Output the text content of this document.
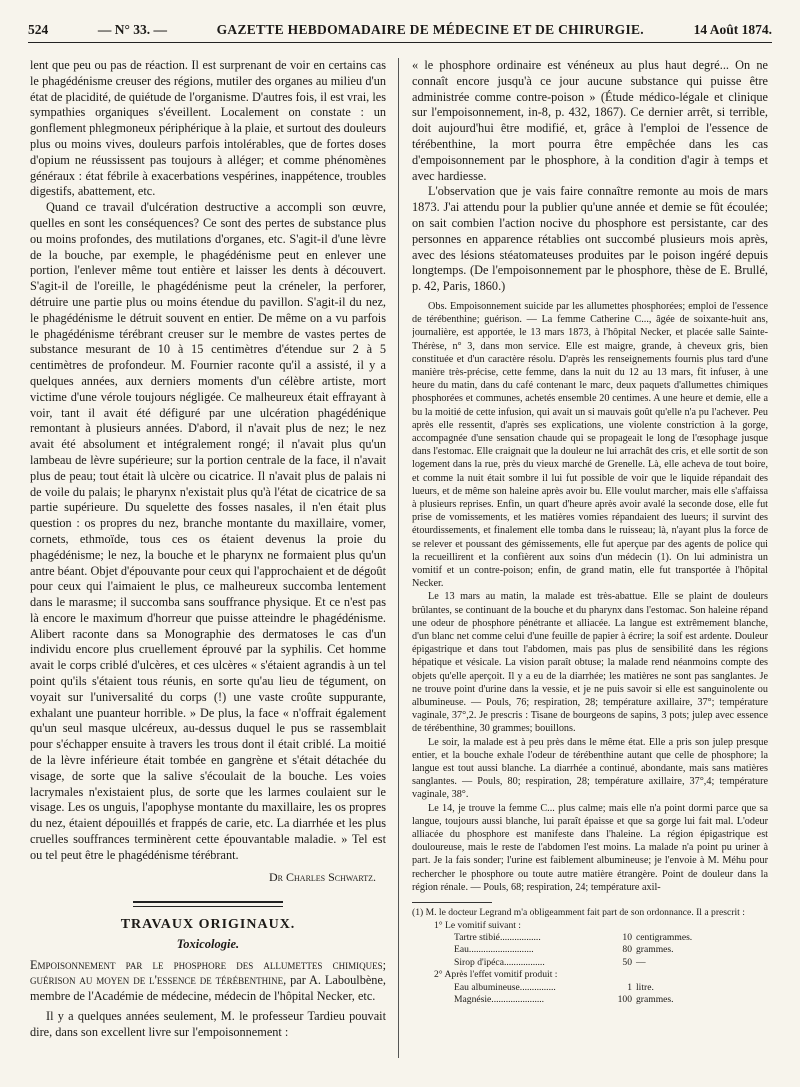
524	— N° 33. —	GAZETTE HEBDOMADAIRE DE MÉDECINE ET DE CHIRURGIE.	14 Août 1874.

lent que peu ou pas de réaction. Il est surprenant de voir en certains cas le phagédénisme creuser des régions, mutiler des organes au milieu d'un état de placidité, de quiétude de l'organisme. D'autres fois, il est vrai, les sympathies organiques s'éveillent. Localement on constate : un gonflement phlegmoneux périphérique à la plaie, et surtout des douleurs plus ou moins vives, douleurs parfois intolérables, que de fortes doses d'opium ne réussissent pas toujours à alléger; et comme phénomènes généraux : état fébrile à exacerbations vespérines, inappétence, troubles digestifs, abattement, etc.

Quand ce travail d'ulcération destructive a accompli son œuvre, quelles en sont les conséquences? Ce sont des pertes de substance plus ou moins profondes, des mutilations d'organes, etc. S'agit-il d'une lèvre de la bouche, par exemple, le phagédénisme peut en enlever une portion, l'enlever même tout entière et laisser les dents à découvert. S'agit-il de l'oreille, le phagédénisme peut la créneler, la perforer, détruire une partie plus ou moins étendue du pavillon. S'agit-il du nez, le phagédénisme le détruit souvent en entier. De même on a vu parfois le phagédénisme térébrant creuser sur le membre de vastes pertes de substance mesurant de 10 à 15 centimètres d'étendue sur 2 à 5 centimètres de profondeur. M. Fournier raconte qu'il a assisté, il y a quelques années, aux derniers moments d'un célèbre artiste, mort victime d'une vérole toujours négligée. Ce malheureux était effrayant à voir, tant il avait été défiguré par une ulcération phagédénique remontant à plusieurs années. D'abord, il n'avait plus de nez; le nez avait été absolument et intégralement rongé; il n'avait plus qu'un lambeau de lèvre supérieure; sur la portion centrale de la face, il n'avait plus de peau; tout était là ulcère ou cicatrice. Il n'avait plus de palais ni de voile du palais; le pharynx n'existait plus qu'à l'état de cicatrice de sa partie supérieure. Du squelette des fosses nasales, il n'en était plus question : os propres du nez, branche montante du maxillaire, vomer, cornets, ethmoïde, tous ces os étaient devenus la proie du phagédénisme; le nez, la bouche et le pharynx ne formaient plus qu'un antre béant. Objet d'épouvante pour ceux qui l'approchaient et de dégoût pour ceux qui l'aimaient le plus, ce malheureux succomba lentement dans le marasme; il succomba sans souffrance physique. Et ce n'est pas là encore le maximum d'horreur que puisse atteindre le phagédénisme. Alibert raconte dans sa Monographie des dermatoses le cas d'un individu encore plus cruellement éprouvé par la syphilis. Cet homme avait le corps criblé d'ulcères, et ces ulcères « s'étaient agrandis à un tel point qu'ils s'étaient tous réunis, en sorte qu'au lieu de tégument, on voyait sur l'universalité du corps (!) une vaste croûte suppurante, exhalant une puanteur horrible. » De plus, la face « n'offrait également qu'un seul masque ulcéreux, au-dessus duquel le pus se rassemblait pour s'échapper ensuite à travers les trous dont il était criblé. La moitié de la lèvre inférieure était tombée en gangrène et s'était détachée du visage, de sorte que la salive s'écoulait de la bouche. Les voies lacrymales n'existaient plus, de sorte que les larmes coulaient sur le visage. Les os unguis, l'apophyse montante du maxillaire, les os propres du nez, étaient dépouillés et frappés de carie, etc. La diarrhée et les plus cruelles souffrances terminèrent cette épouvantable maladie. » Tel est ou tel peut être le phagédénisme térébrant.

Dr Charles Schwartz.
TRAVAUX ORIGINAUX.
Toxicologie.

Empoisonnement par le phosphore des allumettes chimiques; guérison au moyen de l'essence de térébenthine, par A. Laboulbène, membre de l'Académie de médecine, médecin de l'hôpital Necker, etc.

Il y a quelques années seulement, M. le professeur Tardieu pouvait dire, dans son excellent livre sur l'empoisonnement :

« le phosphore ordinaire est vénéneux au plus haut degré... On ne connaît encore jusqu'à ce jour aucune substance qui puisse être administrée comme contre-poison » (Étude médico-légale et clinique sur l'empoisonnement, in-8, p. 432, 1867). Ce dernier arrêt, si terrible, doit aujourd'hui être modifié, et, grâce à l'emploi de l'essence de térébenthine, la mort pourra être empêchée dans les cas d'empoisonnement par le phosphore, à la condition d'agir à temps et avec hardiesse.

L'observation que je vais faire connaître remonte au mois de mars 1873. J'ai attendu pour la publier qu'une année et demie se fût écoulée; on sait combien l'action nocive du phosphore est persistante, car des personnes en apparence rétablies ont succombé plusieurs mois après, avec des lésions stéatomateuses produites par le poison ingéré depuis longtemps. (De l'empoisonnement par le phosphore, thèse de E. Brullé, p. 42, Paris, 1860.)

Obs. Empoisonnement suicide par les allumettes phosphorées; emploi de l'essence de térébenthine; guérison. — La femme Catherine C..., âgée de soixante-huit ans, journalière, est apportée, le 13 mars 1873, à l'hôpital Necker, et placée salle Sainte-Thérèse, n° 3, dans mon service. Elle est maigre, grande, à cheveux gris, bien constituée et d'un caractère résolu. D'après les renseignements fournis plus tard d'une manière très-précise, cette femme, dans la nuit du 12 au 13 mars, fit infuser, à une heure du matin, dans du café contenant le marc, deux paquets d'allumettes chimiques phosphorées et communes, achetés ensemble 20 centimes. A une heure et demie, elle a bu la moitié de cette infusion, qui avait un si mauvais goût qu'elle n'a pu l'achever. Peu après elle ressentit, d'après ses explications, une violente constriction à la gorge, accompagnée d'une sensation chaude qui se propageait le long de l'œsophage jusque dans l'estomac. Elle craignait que la douleur ne lui arrachât des cris, et elle sortit de son logement dans la rue, près du vieux marché de Grenelle. Là, elle acheva de tout boire, et comme la nuit était sombre il lui fut possible de voir que le liquide répandait des lueurs, et de même son haleine après avoir bu. Elle voulut marcher, mais elle s'affaissa à plusieurs reprises. Enfin, un quart d'heure après avoir avalé la seconde dose, elle fut prise de vomissements, et les matières vomies répandaient des lueurs; il survint des étourdissements, et finalement elle tomba dans le ruisseau; là, n'ayant plus la force de se relever et poussant des gémissements, elle fut aperçue par des agents de police qui la recueillirent et la confièrent aux soins d'un médecin (1). On lui administra un vomitif et un contre-poison; enfin, de grand matin, elle fut transportée à l'hôpital Necker.

Le 13 mars au matin, la malade est très-abattue. Elle se plaint de douleurs brûlantes, se continuant de la bouche et du pharynx dans l'estomac. Son haleine répand une odeur de phosphore pénétrante et alliacée. La langue est extrêmement blanche, d'un blanc net comme celui d'une feuille de papier à écrire; la soif est ardente. Douleur épigastrique et dans tout l'abdomen, mais pas plus de sensibilité dans les régions hépatique et vésicale. La vision paraît obtuse; la malade rend néanmoins compte des objets qu'elle aperçoit. Il y a eu de la diarrhée; les matières ne sont pas sanglantes. Je ne trouve point d'urine dans la vessie, et je ne puis savoir si elle est sanguinolente ou albumineuse. — Pouls, 76; respiration, 28; température axillaire, 37°; température vaginale, 37°,2. Je prescris : Tisane de bourgeons de sapins, 3 pots; julep avec essence de térébenthine, 30 grammes; bouillons.

Le soir, la malade est à peu près dans le même état. Elle a pris son julep presque entier, et la bouche exhale l'odeur de térébenthine autant que celle de phosphore; la langue est tout aussi blanche. La diarrhée a continué, abondante, mais sans matières sanglantes. — Pouls, 80; respiration, 28; température axillaire, 37°,4; température vaginale, 38°.

Le 14, je trouve la femme C... plus calme; mais elle n'a point dormi parce que sa langue, toujours aussi blanche, lui paraît épaisse et que sa gorge lui fait mal. L'odeur alliacée du phosphore est manifeste dans l'haleine. La région épigastrique est douloureuse, mais le reste de l'abdomen l'est moins. La malade n'a point pu uriner à part. Je la fais sonder; l'urine est faiblement albumineuse; je l'envoie à M. Méhu pour rechercher le phosphore ou toute autre matière étrangère. Point de douleur dans la région rénale. — Pouls, 68; respiration, 24; température axil-

(1) M. le docteur Legrand m'a obligeamment fait part de son ordonnance. Il a prescrit :
1° Le vomitif suivant :
Tartre stibié.................	10 centigrammes.
Eau...........................	80 grammes.
Sirop d'ipéca.................	50 —
2° Après l'effet vomitif produit :
Eau albumineuse...............	1 litre.
Magnésie......................	100 grammes.
